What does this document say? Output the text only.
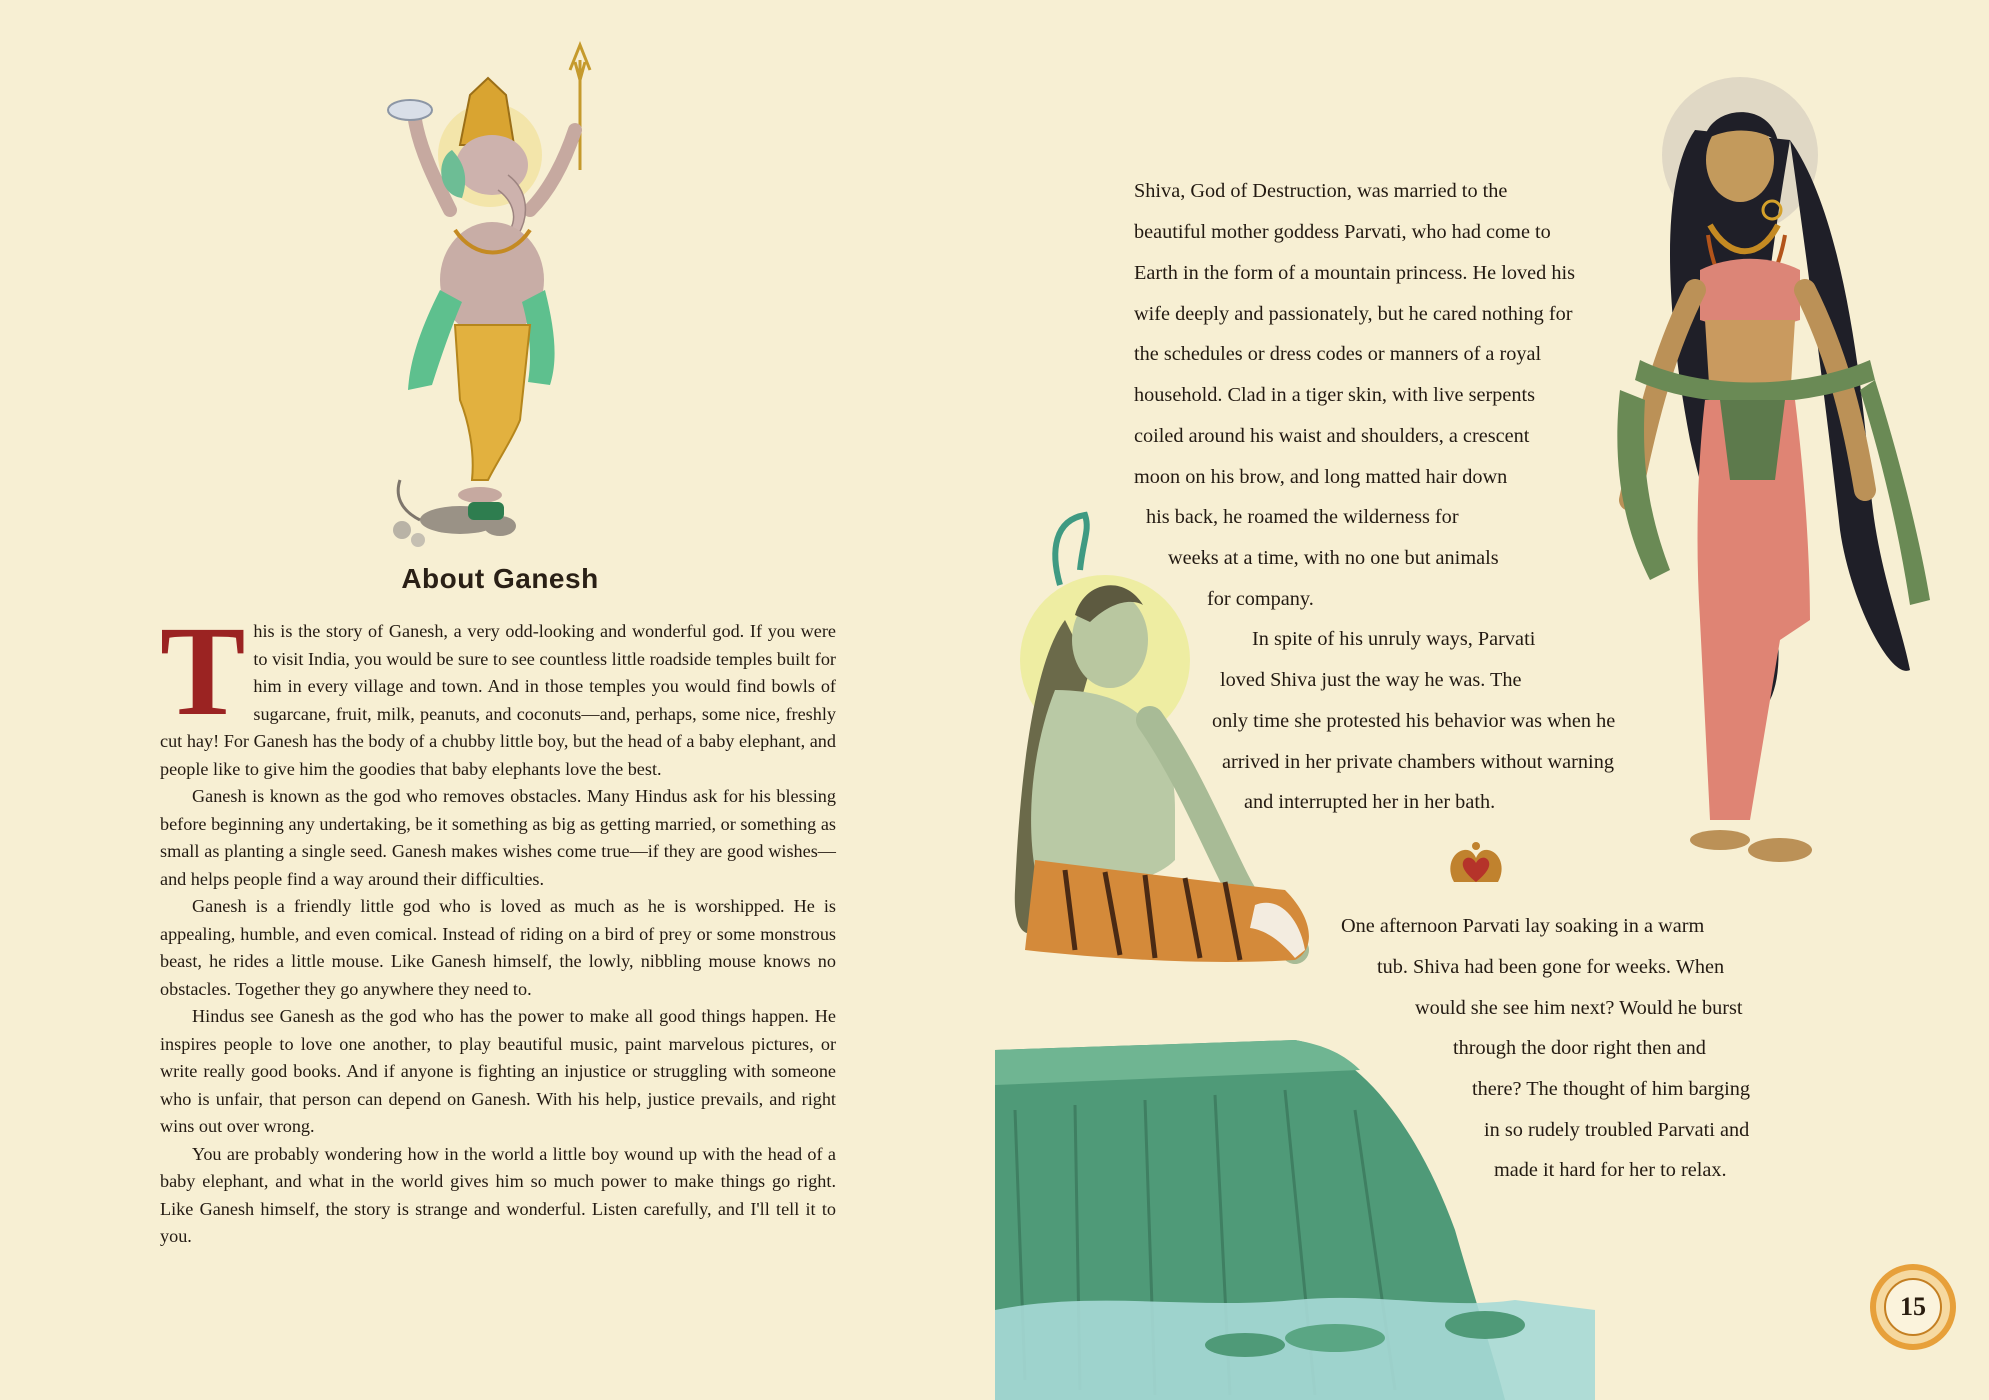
About Ganesh

This is the story of Ganesh, a very odd-looking and wonderful god. If you were to visit India, you would be sure to see countless little roadside temples built for him in every village and town. And in those temples you would find bowls of sugarcane, fruit, milk, peanuts, and coconuts—and, perhaps, some nice, freshly cut hay! For Ganesh has the body of a chubby little boy, but the head of a baby elephant, and people like to give him the goodies that baby elephants love the best.

Ganesh is known as the god who removes obstacles. Many Hindus ask for his blessing before beginning any undertaking, be it something as big as getting married, or something as small as planting a single seed. Ganesh makes wishes come true—if they are good wishes—and helps people find a way around their difficulties.

Ganesh is a friendly little god who is loved as much as he is worshipped. He is appealing, humble, and even comical. Instead of riding on a bird of prey or some monstrous beast, he rides a little mouse. Like Ganesh himself, the lowly, nibbling mouse knows no obstacles. Together they go anywhere they need to.

Hindus see Ganesh as the god who has the power to make all good things happen. He inspires people to love one another, to play beautiful music, paint marvelous pictures, or write really good books. And if anyone is fighting an injustice or struggling with someone who is unfair, that person can depend on Ganesh. With his help, justice prevails, and right wins out over wrong.

You are probably wondering how in the world a little boy wound up with the head of a baby elephant, and what in the world gives him so much power to make things go right. Like Ganesh himself, the story is strange and wonderful. Listen carefully, and I'll tell it to you.

Shiva, God of Destruction, was married to the
beautiful mother goddess Parvati, who had come to
Earth in the form of a mountain princess. He loved his
wife deeply and passionately, but he cared nothing for
the schedules or dress codes or manners of a royal
household. Clad in a tiger skin, with live serpents
coiled around his waist and shoulders, a crescent
moon on his brow, and long matted hair down
his back, he roamed the wilderness for
weeks at a time, with no one but animals
for company.
In spite of his unruly ways, Parvati
loved Shiva just the way he was. The
only time she protested his behavior was when he
arrived in her private chambers without warning
and interrupted her in her bath.
One afternoon Parvati lay soaking in a warm
tub. Shiva had been gone for weeks. When
would she see him next? Would he burst
through the door right then and
there? The thought of him barging
in so rudely troubled Parvati and
made it hard for her to relax.
15
